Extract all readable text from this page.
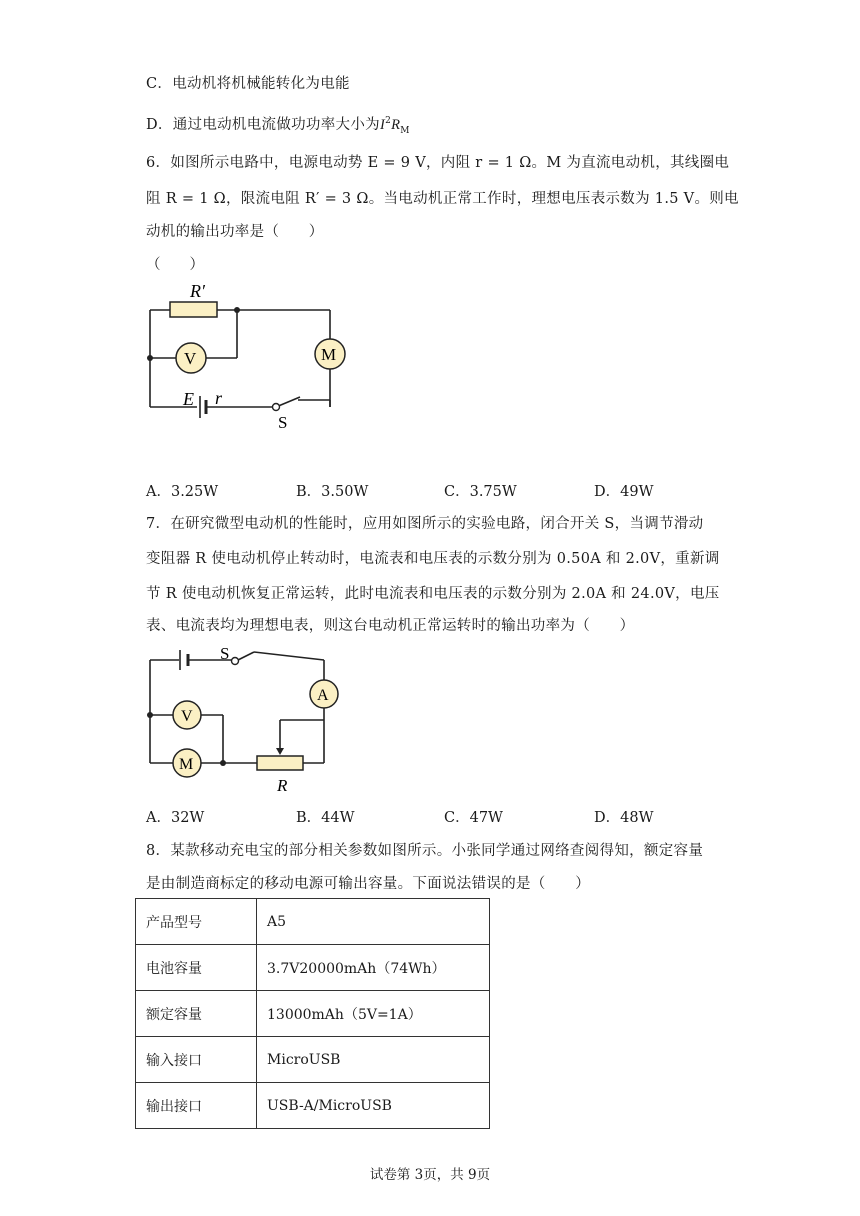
C．电动机将机械能转化为电能
D．通过电动机电流做功功率大小为$I^2R_M$
6．如图所示电路中，电源电动势 E = 9 V，内阻 r = 1 Ω。M 为直流电动机，其线圈电
阻 R = 1 Ω，限流电阻 R′ = 3 Ω。当电动机正常工作时，理想电压表示数为 1.5 V。则电
动机的输出功率是（　　）
（　　）
R′
V	M
E r
S
A．3.25W	B．3.50W	C．3.75W	D．49W
7．在研究微型电动机的性能时，应用如图所示的实验电路，闭合开关 S，当调节滑动
变阻器 R 使电动机停止转动时，电流表和电压表的示数分别为 0.50A 和 2.0V，重新调
节 R 使电动机恢复正常运转，此时电流表和电压表的示数分别为 2.0A 和 24.0V，电压
表、电流表均为理想电表，则这台电动机正常运转时的输出功率为（　　）
S
A
V
M
R
A．32W	B．44W	C．47W	D．48W
8．某款移动充电宝的部分相关参数如图所示。小张同学通过网络查阅得知，额定容量
是由制造商标定的移动电源可输出容量。下面说法错误的是（　　）
产品型号	A5
电池容量	3.7V20000mAh（74Wh）
额定容量	13000mAh（5V=1A）
输入接口	MicroUSB
输出接口	USB-A/MicroUSB
试卷第 3页，共 9页
